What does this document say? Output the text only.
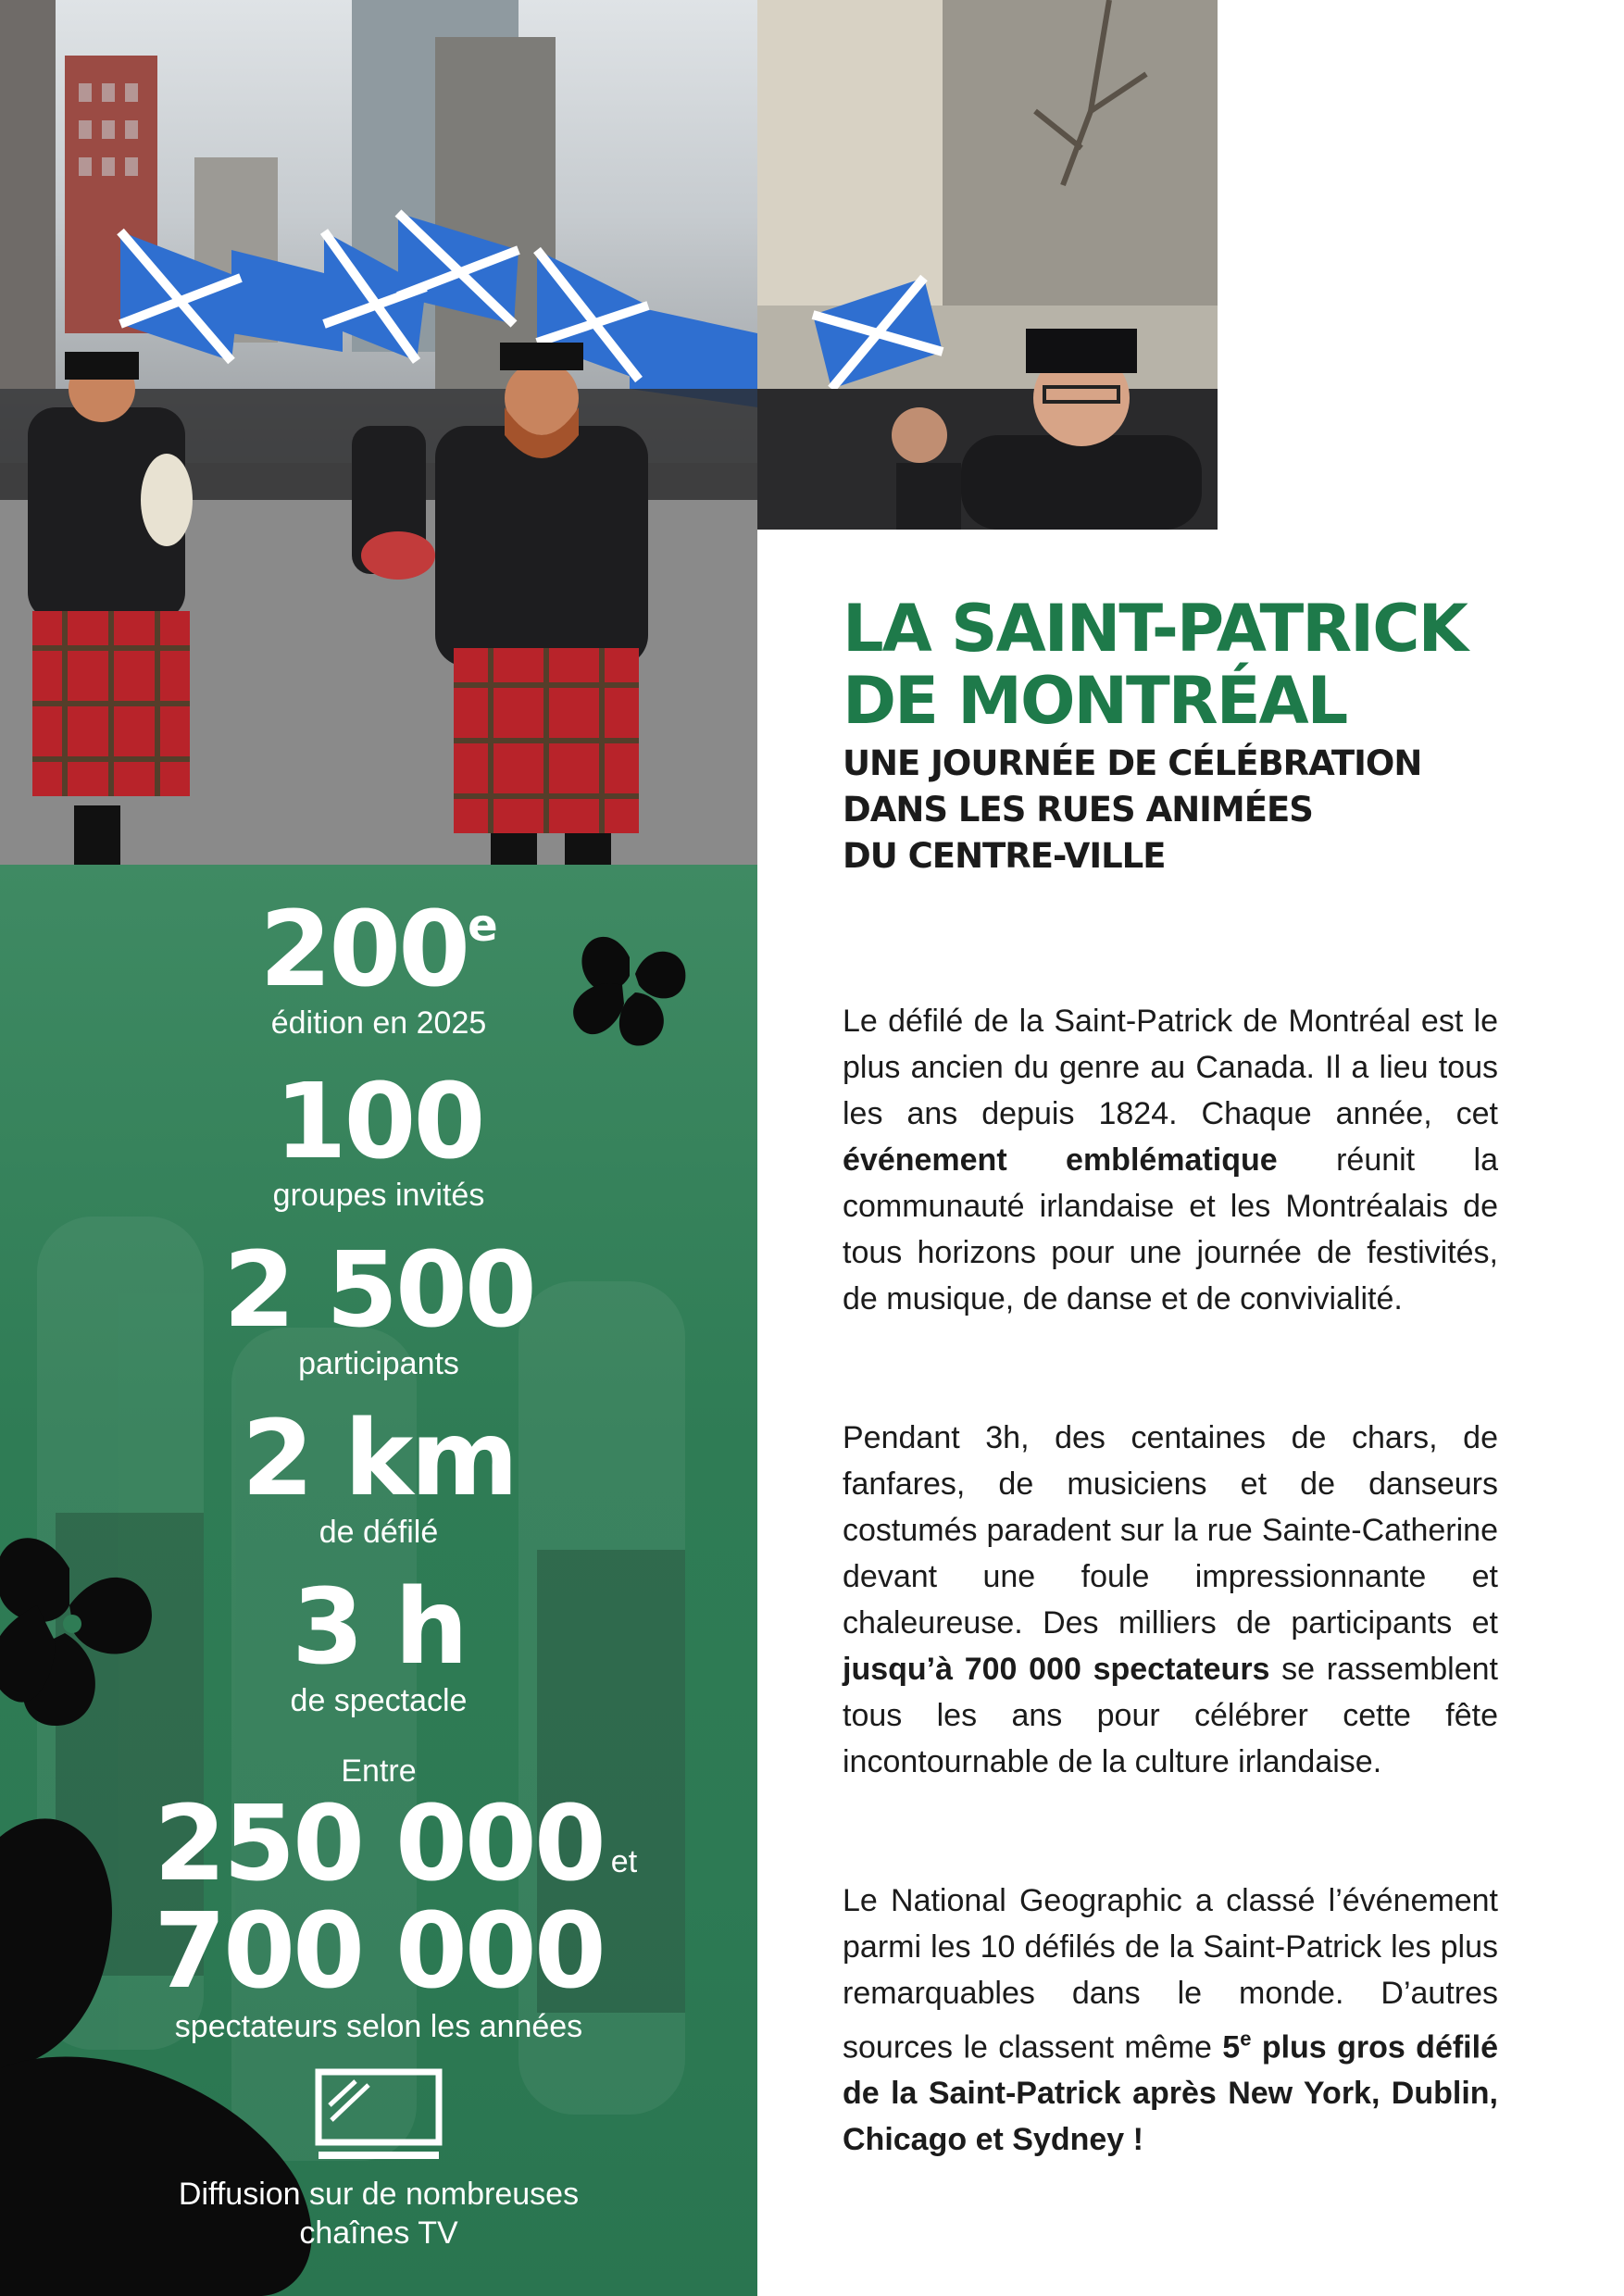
200e
édition en 2025
100
groupes invités
2 500
participants
2 km
de défilé
3 h
de spectacle
Entre
250 000 et
700 000
spectateurs selon les années
Diffusion sur de nombreuses
chaînes TV
LA SAINT-PATRICK
DE MONTRÉAL
UNE JOURNÉE DE CÉLÉBRATION
DANS LES RUES ANIMÉES
DU CENTRE-VILLE
Le défilé de la Saint-Patrick de Montréal est le plus ancien du genre au Canada. Il a lieu tous les ans depuis 1824. Chaque année, cet événement emblématique réunit la communauté irlandaise et les Montréalais de tous horizons pour une journée de festivités, de musique, de danse et de convivialité.
Pendant 3h, des centaines de chars, de fanfares, de musiciens et de danseurs costumés paradent sur la rue Sainte-Catherine devant une foule impressionnante et chaleureuse. Des milliers de participants et jusqu’à 700 000 spectateurs se rassemblent tous les ans pour célébrer cette fête incontournable de la culture irlandaise.
Le National Geographic a classé l’événement parmi les 10 défilés de la Saint-Patrick les plus remarquables dans le monde. D’autres sources le classent même 5e plus gros défilé de la Saint-Patrick après New York, Dublin, Chicago et Sydney !
